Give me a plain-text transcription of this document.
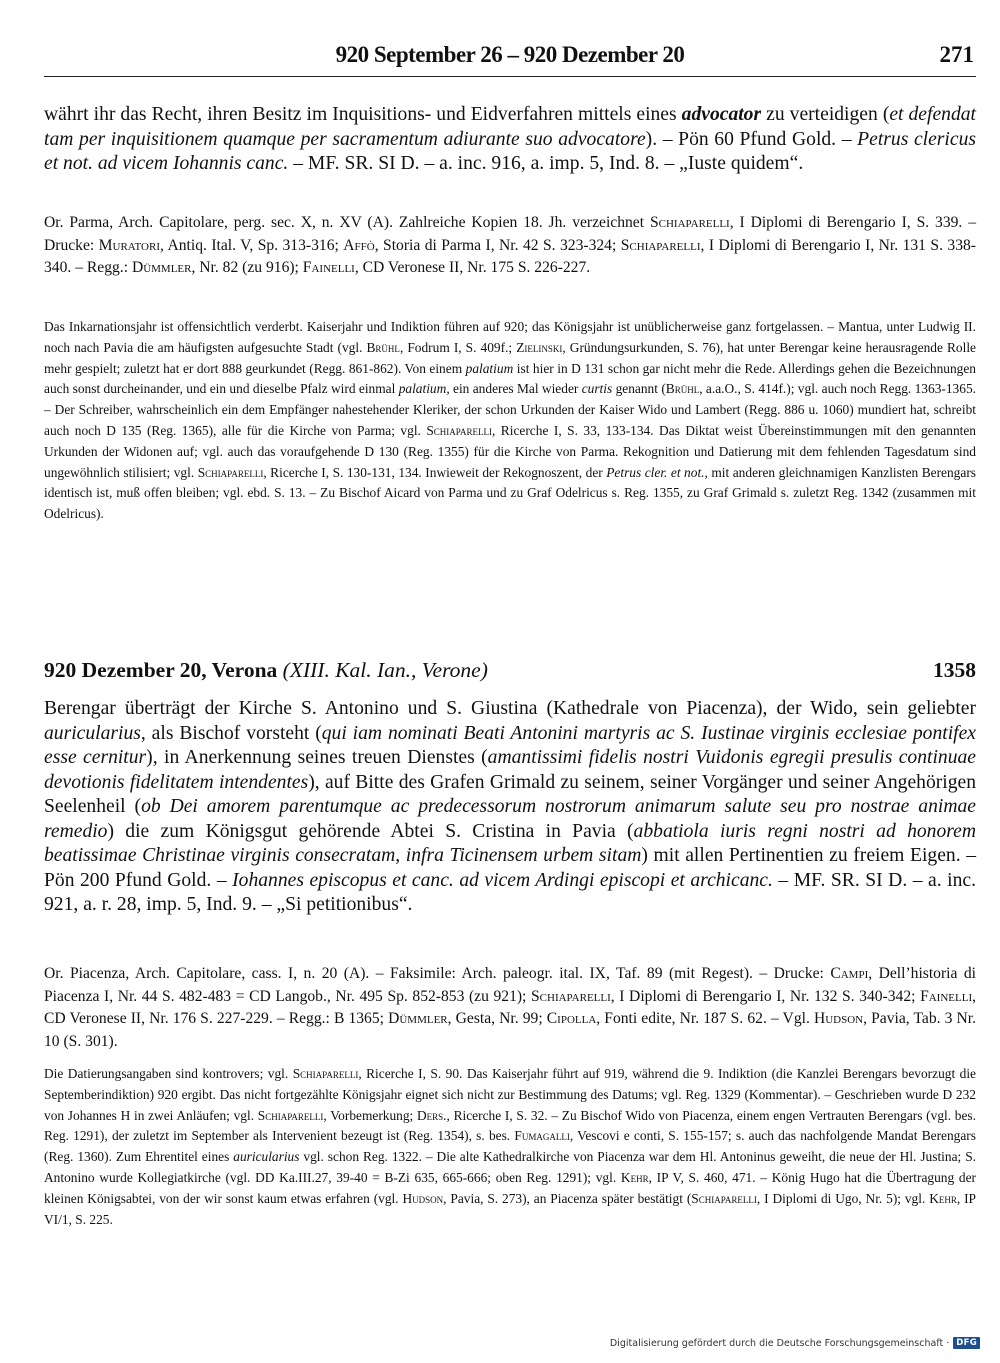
920 September 26 – 920 Dezember 20	271
währt ihr das Recht, ihren Besitz im Inquisitions- und Eidverfahren mittels eines advocator zu verteidigen (et defendat tam per inquisitionem quamque per sacramentum adiurante suo advocatore). – Pön 60 Pfund Gold. – Petrus clericus et not. ad vicem Iohannis canc. – MF. SR. SI D. – a. inc. 916, a. imp. 5, Ind. 8. – „Iuste quidem“.
Or. Parma, Arch. Capitolare, perg. sec. X, n. XV (A). Zahlreiche Kopien 18. Jh. verzeichnet Schiaparelli, I Diplomi di Berengario I, S. 339. – Drucke: Muratori, Antiq. Ital. V, Sp. 313-316; Affò, Storia di Parma I, Nr. 42 S. 323-324; Schiaparelli, I Diplomi di Berengario I, Nr. 131 S. 338-340. – Regg.: Dümmler, Nr. 82 (zu 916); Fainelli, CD Veronese II, Nr. 175 S. 226-227.
Das Inkarnationsjahr ist offensichtlich verderbt. Kaiserjahr und Indiktion führen auf 920; das Königsjahr ist unüblicherweise ganz fortgelassen. – Mantua, unter Ludwig II. noch nach Pavia die am häufigsten aufgesuchte Stadt (vgl. Brühl, Fodrum I, S. 409f.; Zielinski, Gründungsurkunden, S. 76), hat unter Berengar keine herausragende Rolle mehr gespielt; zuletzt hat er dort 888 geurkundet (Regg. 861-862). Von einem palatium ist hier in D 131 schon gar nicht mehr die Rede. Allerdings gehen die Bezeichnungen auch sonst durcheinander, und ein und dieselbe Pfalz wird einmal palatium, ein anderes Mal wieder curtis genannt (Brühl, a.a.O., S. 414f.); vgl. auch noch Regg. 1363-1365. – Der Schreiber, wahrscheinlich ein dem Empfänger nahestehender Kleriker, der schon Urkunden der Kaiser Wido und Lambert (Regg. 886 u. 1060) mundiert hat, schreibt auch noch D 135 (Reg. 1365), alle für die Kirche von Parma; vgl. Schiaparelli, Ricerche I, S. 33, 133-134. Das Diktat weist Übereinstimmungen mit den genannten Urkunden der Widonen auf; vgl. auch das voraufgehende D 130 (Reg. 1355) für die Kirche von Parma. Rekognition und Datierung mit dem fehlenden Tagesdatum sind ungewöhnlich stilisiert; vgl. Schiaparelli, Ricerche I, S. 130-131, 134. Inwieweit der Rekognoszent, der Petrus cler. et not., mit anderen gleichnamigen Kanzlisten Berengars identisch ist, muß offen bleiben; vgl. ebd. S. 13. – Zu Bischof Aicard von Parma und zu Graf Odelricus s. Reg. 1355, zu Graf Grimald s. zuletzt Reg. 1342 (zusammen mit Odelricus).
920 Dezember 20, Verona (XIII. Kal. Ian., Verone)	1358
Berengar überträgt der Kirche S. Antonino und S. Giustina (Kathedrale von Piacenza), der Wido, sein geliebter auricularius, als Bischof vorsteht (qui iam nominati Beati Antonini martyris ac S. Iustinae virginis ecclesiae pontifex esse cernitur), in Anerkennung seines treuen Dienstes (amantissimi fidelis nostri Vuidonis egregii presulis continuae devotionis fidelitatem intendentes), auf Bitte des Grafen Grimald zu seinem, seiner Vorgänger und seiner Angehörigen Seelenheil (ob Dei amorem parentumque ac predecessorum nostrorum animarum salute seu pro nostrae animae remedio) die zum Königsgut gehörende Abtei S. Cristina in Pavia (abbatiola iuris regni nostri ad honorem beatissimae Christinae virginis consecratam, infra Ticinensem urbem sitam) mit allen Pertinentien zu freiem Eigen. – Pön 200 Pfund Gold. – Iohannes episcopus et canc. ad vicem Ardingi episcopi et archicanc. – MF. SR. SI D. – a. inc. 921, a. r. 28, imp. 5, Ind. 9. – „Si petitionibus“.
Or. Piacenza, Arch. Capitolare, cass. I, n. 20 (A). – Faksimile: Arch. paleogr. ital. IX, Taf. 89 (mit Regest). – Drucke: Campi, Dell’historia di Piacenza I, Nr. 44 S. 482-483 = CD Langob., Nr. 495 Sp. 852-853 (zu 921); Schiaparelli, I Diplomi di Berengario I, Nr. 132 S. 340-342; Fainelli, CD Veronese II, Nr. 176 S. 227-229. – Regg.: B 1365; Dümmler, Gesta, Nr. 99; Cipolla, Fonti edite, Nr. 187 S. 62. – Vgl. Hudson, Pavia, Tab. 3 Nr. 10 (S. 301).
Die Datierungsangaben sind kontrovers; vgl. Schiaparelli, Ricerche I, S. 90. Das Kaiserjahr führt auf 919, während die 9. Indiktion (die Kanzlei Berengars bevorzugt die Septemberindiktion) 920 ergibt. Das nicht fortgezählte Königsjahr eignet sich nicht zur Bestimmung des Datums; vgl. Reg. 1329 (Kommentar). – Geschrieben wurde D 232 von Johannes H in zwei Anläufen; vgl. Schiaparelli, Vorbemerkung; Ders., Ricerche I, S. 32. – Zu Bischof Wido von Piacenza, einem engen Vertrauten Berengars (vgl. bes. Reg. 1291), der zuletzt im September als Intervenient bezeugt ist (Reg. 1354), s. bes. Fumagalli, Vescovi e conti, S. 155-157; s. auch das nachfolgende Mandat Berengars (Reg. 1360). Zum Ehrentitel eines auricularius vgl. schon Reg. 1322. – Die alte Kathedralkirche von Piacenza war dem Hl. Antoninus geweiht, die neue der Hl. Justina; S. Antonino wurde Kollegiatkirche (vgl. DD Ka.III.27, 39-40 = B-Zi 635, 665-666; oben Reg. 1291); vgl. Kehr, IP V, S. 460, 471. – König Hugo hat die Übertragung der kleinen Königsabtei, von der wir sonst kaum etwas erfahren (vgl. Hudson, Pavia, S. 273), an Piacenza später bestätigt (Schiaparelli, I Diplomi di Ugo, Nr. 5); vgl. Kehr, IP VI/1, S. 225.
Digitalisierung gefördert durch die Deutsche Forschungsgemeinschaft · DFG
